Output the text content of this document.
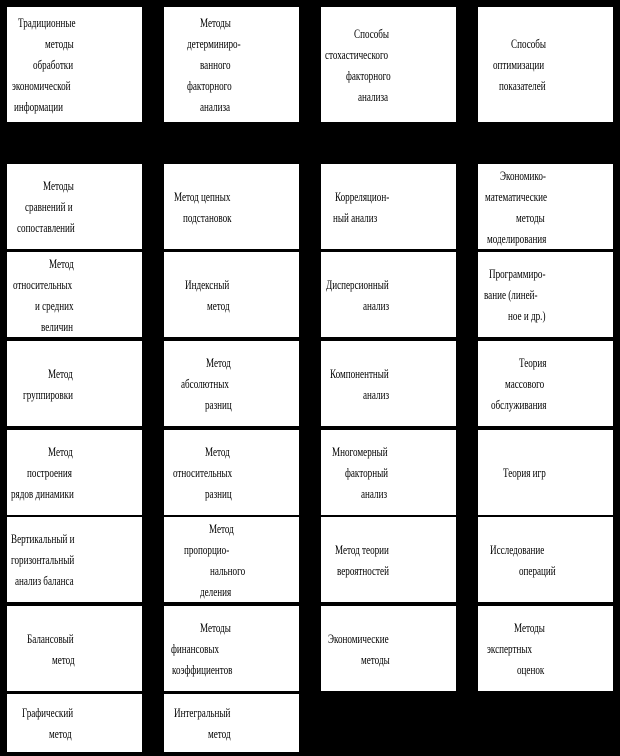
Традиционные
методы
обработки
экономической
информации
Методы
детерминиро-
ванного
факторного
анализа
Способы
стохастического
факторного
анализа
Способы
оптимизации
показателей
Методы
сравнений и
сопоставлений
Метод
относительных
и средних
величин
Метод
группировки
Метод
построения
рядов динамики
Вертикальный и
горизонтальный
анализ баланса
Балансовый
метод
Графический
метод
Метод цепных
подстановок
Индексный
метод
Метод
абсолютных
разниц
Метод
относительных
разниц
Метод
пропорцио-
нального
деления
Методы
финансовых
коэффициентов
Интегральный
метод
Корреляцион-
ный анализ
Дисперсионный
анализ
Компонентный
анализ
Многомерный
факторный
анализ
Метод теории
вероятностей
Экономические
методы
Экономико-
математические
методы
моделирования
Программиро-
вание (линей-
ное и др.)
Теория
массового
обслуживания
Теория игр
Исследование
операций
Методы
экспертных
оценок
